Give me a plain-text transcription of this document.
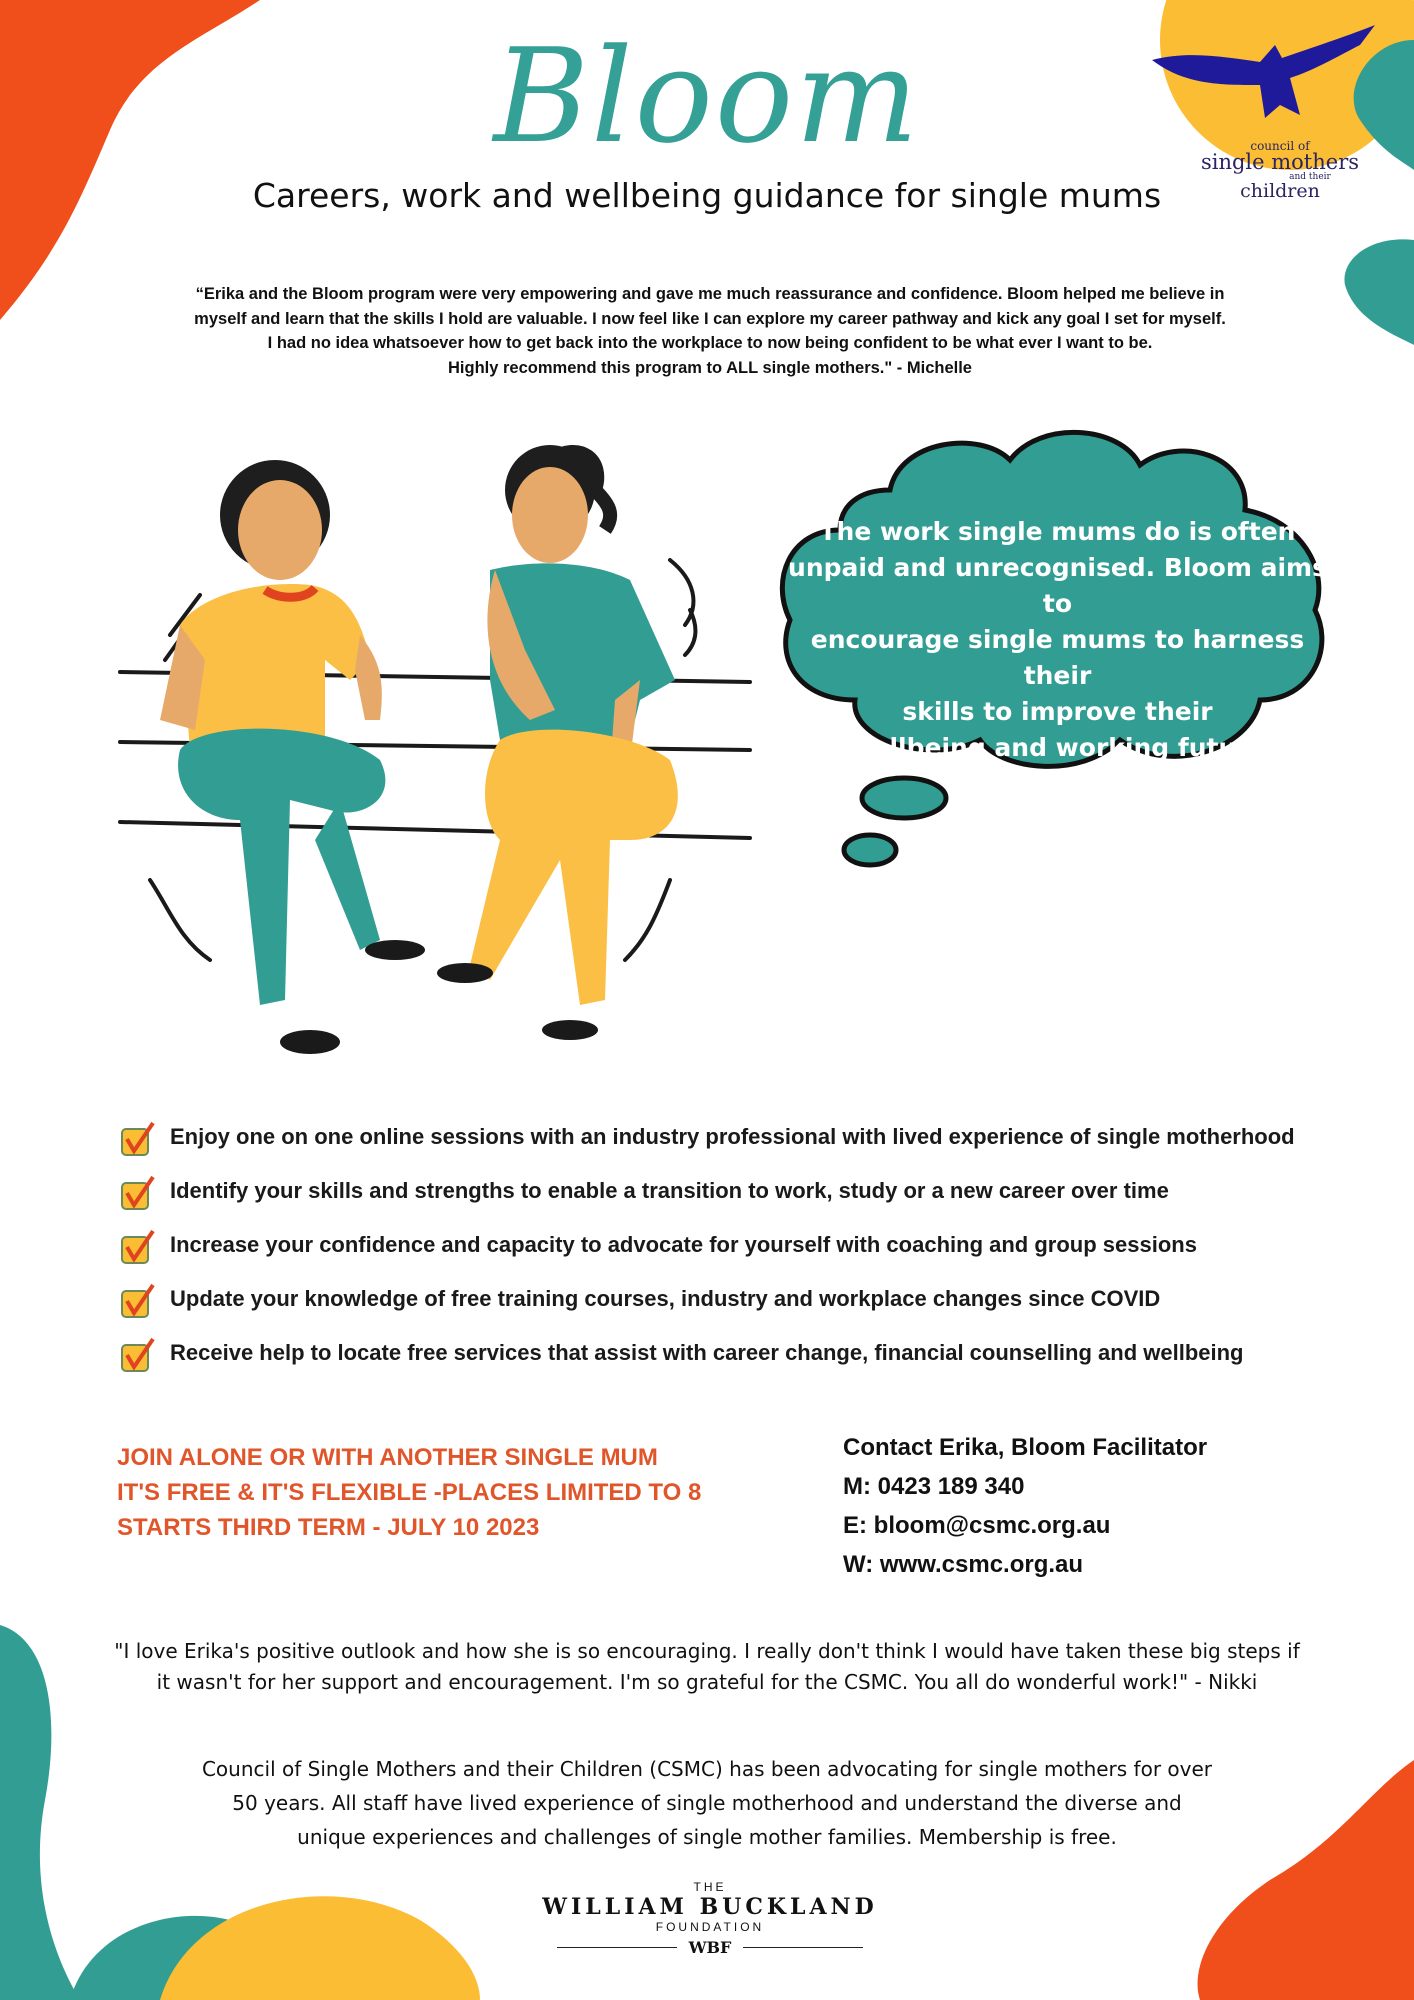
council of
single mothers
and their
children
Bloom
Careers, work and wellbeing guidance for single mums
“Erika and the Bloom program were very empowering and gave me much reassurance and confidence. Bloom helped me believe in
myself and learn that the skills I hold are valuable. I now feel like I can explore my career pathway and kick any goal I set for myself.
I had no idea whatsoever how to get back into the workplace to now being confident to be what ever I want to be.
Highly recommend this program to ALL single mothers." - Michelle
The work single mums do is often
unpaid and unrecognised. Bloom aims to
encourage single mums to harness their
skills to improve their
wellbeing and working future
Enjoy one on one online sessions with an industry professional with lived experience of single motherhood
Identify your skills and strengths to enable a transition to work, study or a new career over time
Increase your confidence and capacity to advocate for yourself with coaching and group sessions
Update your knowledge of free training courses, industry and workplace changes since COVID
Receive help to locate free services that assist with career change, financial counselling and wellbeing
JOIN ALONE OR WITH ANOTHER SINGLE MUM
IT'S FREE & IT'S FLEXIBLE -PLACES LIMITED TO 8
STARTS THIRD TERM - JULY 10 2023
Contact Erika, Bloom Facilitator
M: 0423 189 340
E: bloom@csmc.org.au
W: www.csmc.org.au
"I love Erika's positive outlook and how she is so encouraging. I really don't think I would have taken these big steps if
it wasn't for her support and encouragement. I'm so grateful for the CSMC. You all do wonderful work!" - Nikki
Council of Single Mothers and their Children (CSMC) has been advocating for single mothers for over
50 years. All staff have lived experience of single motherhood and understand the diverse and
unique experiences and challenges of single mother families. Membership is free.
THE
WILLIAM BUCKLAND
FOUNDATION
WBF
